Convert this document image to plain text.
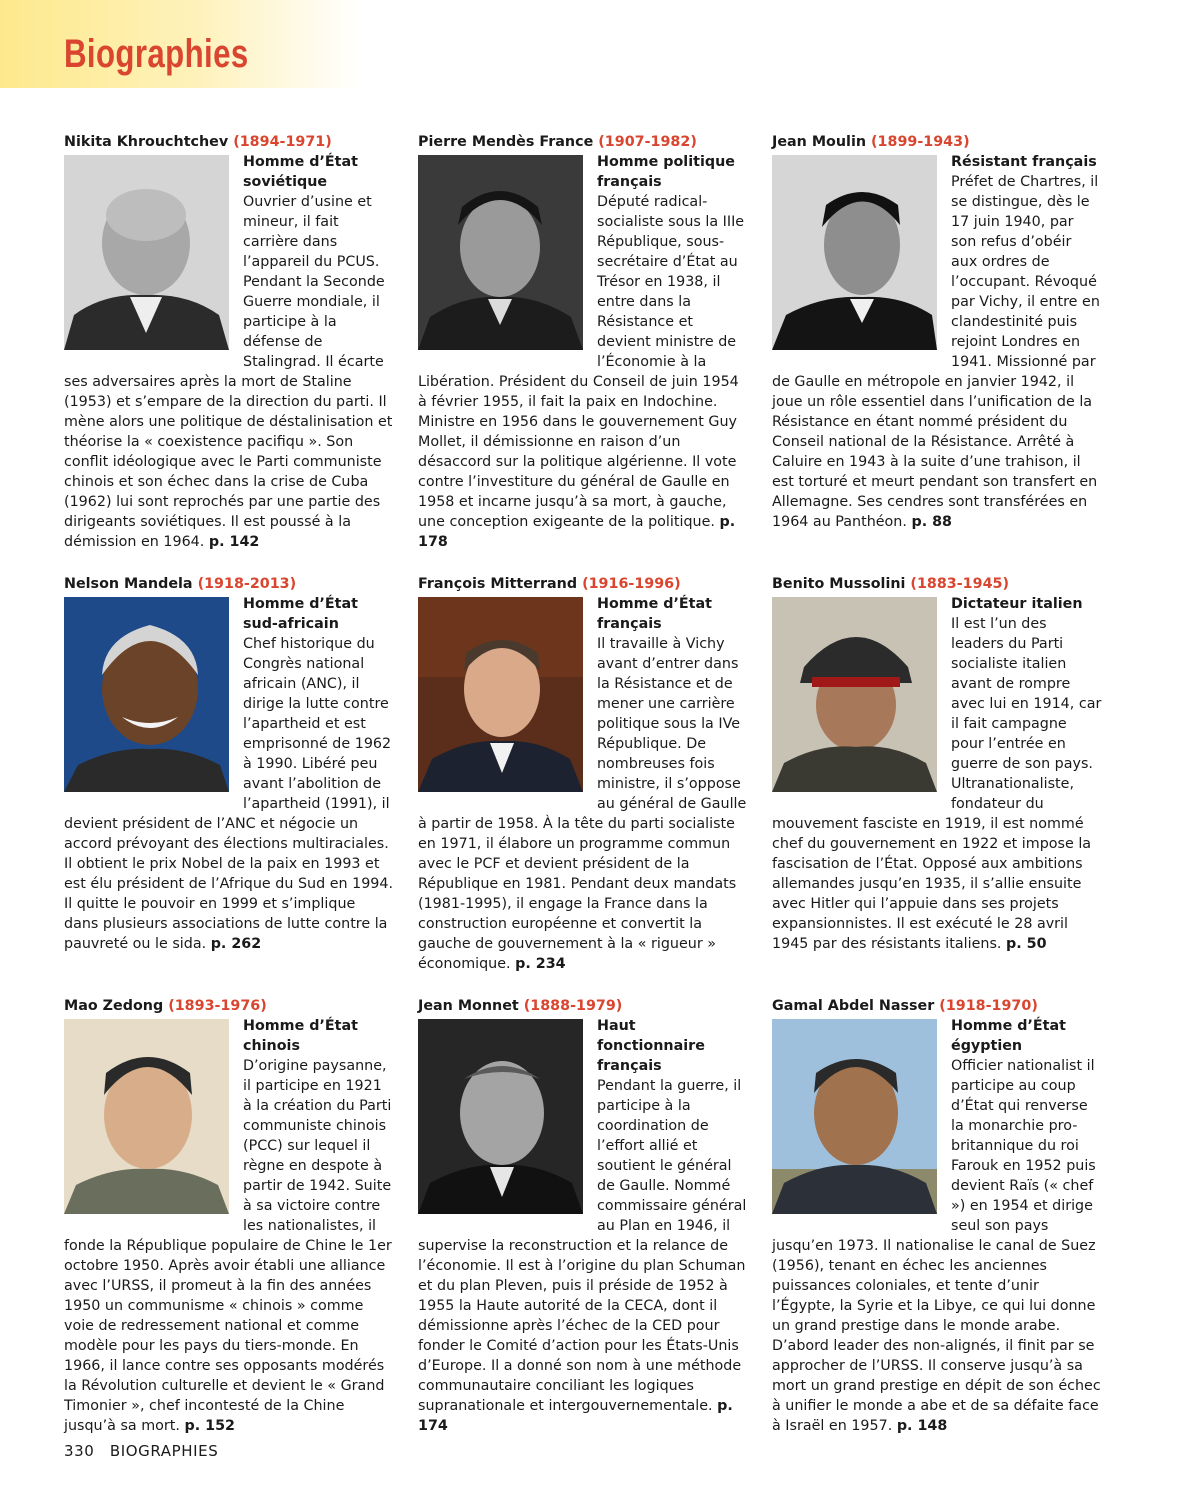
Biographies
Nikita Khrouchtchev (1894-1971)
Homme d’État soviétique
Ouvrier d’usine et mineur, il fait carrière dans l’appareil du PCUS. Pendant la Seconde Guerre mondiale, il participe à la défense de Stalingrad. Il écarte ses adversaires après la mort de Staline (1953) et s’empare de la direction du parti. Il mène alors une politique de déstalinisation et théorise la « coexistence pacifiqu ». Son conflit idéologique avec le Parti communiste chinois et son échec dans la crise de Cuba (1962) lui sont reprochés par une partie des dirigeants soviétiques. Il est poussé à la démission en 1964. p. 142
Pierre Mendès France (1907-1982)
Homme politique français
Député radical-socialiste sous la IIIe République, sous-secrétaire d’État au Trésor en 1938, il entre dans la Résistance et devient ministre de l’Économie à la Libération. Président du Conseil de juin 1954 à février 1955, il fait la paix en Indochine. Ministre en 1956 dans le gouvernement Guy Mollet, il démissionne en raison d’un désaccord sur la politique algérienne. Il vote contre l’investiture du général de Gaulle en 1958 et incarne jusqu’à sa mort, à gauche, une conception exigeante de la politique. p. 178
Jean Moulin (1899-1943)
Résistant français
Préfet de Chartres, il se distingue, dès le 17 juin 1940, par son refus d’obéir aux ordres de l’occupant. Révoqué par Vichy, il entre en clandestinité puis rejoint Londres en 1941. Missionné par de Gaulle en métropole en janvier 1942, il joue un rôle essentiel dans l’unification de la Résistance en étant nommé président du Conseil national de la Résistance. Arrêté à Caluire en 1943 à la suite d’une trahison, il est torturé et meurt pendant son transfert en Allemagne. Ses cendres sont transférées en 1964 au Panthéon. p. 88
Nelson Mandela (1918-2013)
Homme d’État sud-africain
Chef historique du Congrès national africain (ANC), il dirige la lutte contre l’apartheid et est emprisonné de 1962 à 1990. Libéré peu avant l’abolition de l’apartheid (1991), il devient président de l’ANC et négocie un accord prévoyant des élections multiraciales. Il obtient le prix Nobel de la paix en 1993 et est élu président de l’Afrique du Sud en 1994. Il quitte le pouvoir en 1999 et s’implique dans plusieurs associations de lutte contre la pauvreté ou le sida. p. 262
François Mitterrand (1916-1996)
Homme d’État français
Il travaille à Vichy avant d’entrer dans la Résistance et de mener une carrière politique sous la IVe République. De nombreuses fois ministre, il s’oppose au général de Gaulle à partir de 1958. À la tête du parti socialiste en 1971, il élabore un programme commun avec le PCF et devient président de la République en 1981. Pendant deux mandats (1981-1995), il engage la France dans la construction européenne et convertit la gauche de gouvernement à la « rigueur » économique. p. 234
Benito Mussolini (1883-1945)
Dictateur italien
Il est l’un des leaders du Parti socialiste italien avant de rompre avec lui en 1914, car il fait campagne pour l’entrée en guerre de son pays. Ultranationaliste, fondateur du mouvement fasciste en 1919, il est nommé chef du gouvernement en 1922 et impose la fascisation de l’État. Opposé aux ambitions allemandes jusqu’en 1935, il s’allie ensuite avec Hitler qui l’appuie dans ses projets expansionnistes. Il est exécuté le 28 avril 1945 par des résistants italiens. p. 50
Mao Zedong (1893-1976)
Homme d’État chinois
D’origine paysanne, il participe en 1921 à la création du Parti communiste chinois (PCC) sur lequel il règne en despote à partir de 1942. Suite à sa victoire contre les nationalistes, il fonde la République populaire de Chine le 1er octobre 1950. Après avoir établi une alliance avec l’URSS, il promeut à la fin des années 1950 un communisme « chinois » comme voie de redressement national et comme modèle pour les pays du tiers-monde. En 1966, il lance contre ses opposants modérés la Révolution culturelle et devient le « Grand Timonier », chef incontesté de la Chine jusqu’à sa mort. p. 152
Jean Monnet (1888-1979)
Haut fonctionnaire français
Pendant la guerre, il participe à la coordination de l’effort allié et soutient le général de Gaulle. Nommé commissaire général au Plan en 1946, il supervise la reconstruction et la relance de l’économie. Il est à l’origine du plan Schuman et du plan Pleven, puis il préside de 1952 à 1955 la Haute autorité de la CECA, dont il démissionne après l’échec de la CED pour fonder le Comité d’action pour les États-Unis d’Europe. Il a donné son nom à une méthode communautaire conciliant les logiques supranationale et intergouvernementale. p. 174
Gamal Abdel Nasser (1918-1970)
Homme d’État égyptien
Officier nationalist il participe au coup d’État qui renverse la monarchie pro-britannique du roi Farouk en 1952 puis devient Raïs (« chef ») en 1954 et dirige seul son pays jusqu’en 1973. Il nationalise le canal de Suez (1956), tenant en échec les anciennes puissances coloniales, et tente d’unir l’Égypte, la Syrie et la Libye, ce qui lui donne un grand prestige dans le monde arabe. D’abord leader des non-alignés, il finit par se approcher de l’URSS. Il conserve jusqu’à sa mort un grand prestige en dépit de son échec à unifier le monde a abe et de sa défaite face à Israël en 1957. p. 148
330 BIOGRAPHIES
